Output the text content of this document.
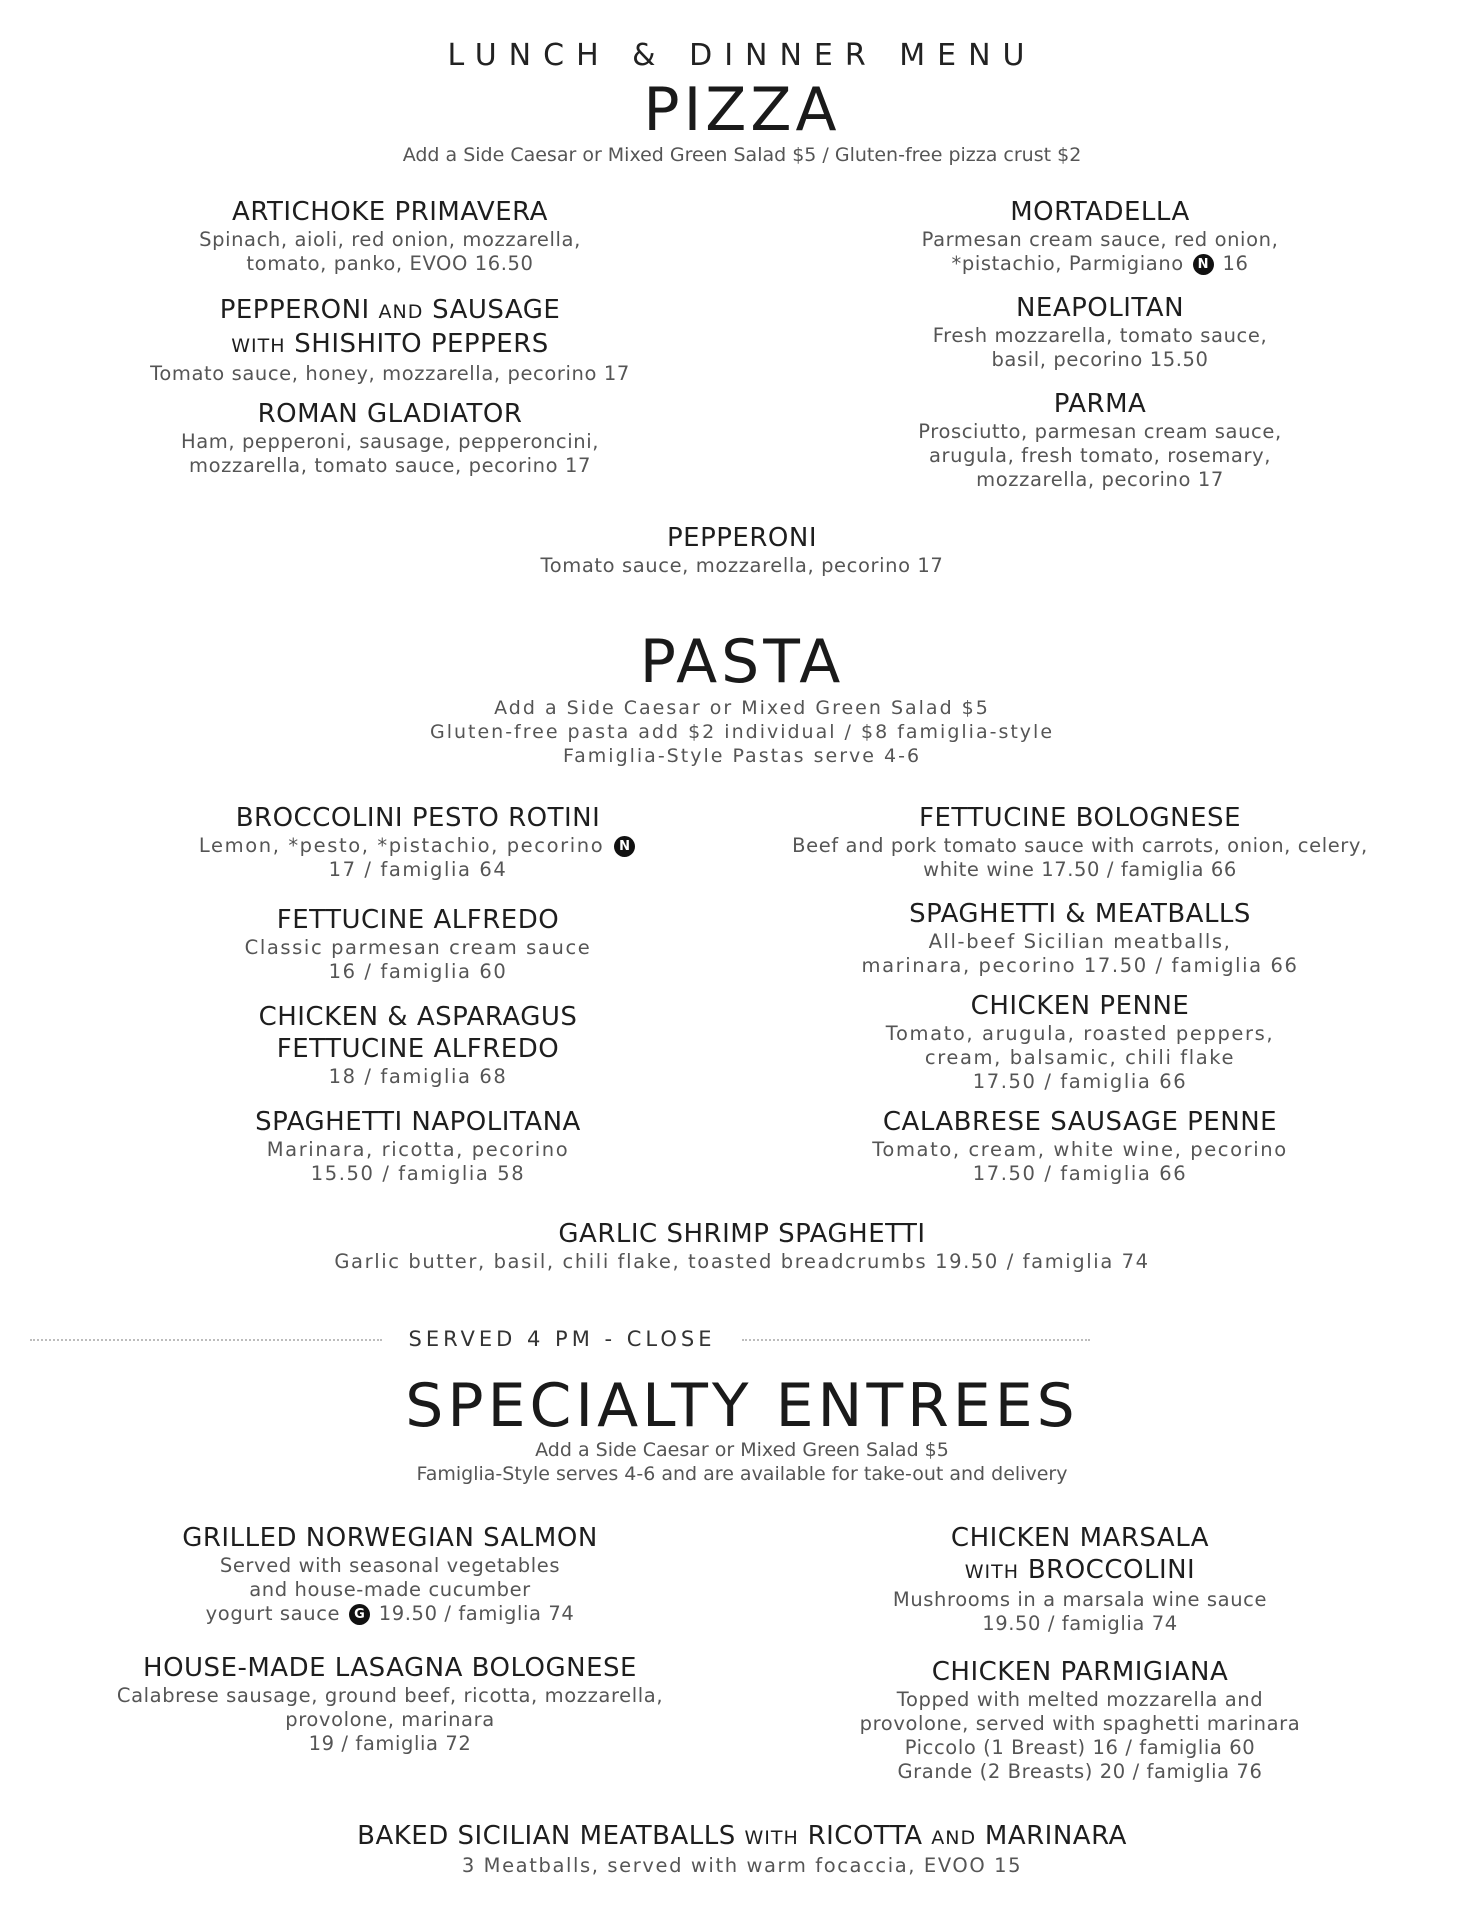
LUNCH & DINNER MENU
PIZZA
Add a Side Caesar or Mixed Green Salad $5 / Gluten-free pizza crust $2
ARTICHOKE PRIMAVERA
Spinach, aioli, red onion, mozzarella,
tomato, panko, EVOO 16.50
PEPPERONI AND SAUSAGE
WITH SHISHITO PEPPERS
Tomato sauce, honey, mozzarella, pecorino 17
ROMAN GLADIATOR
Ham, pepperoni, sausage, pepperoncini,
mozzarella, tomato sauce, pecorino 17
MORTADELLA
Parmesan cream sauce, red onion,
*pistachio, Parmigiano N 16
NEAPOLITAN
Fresh mozzarella, tomato sauce,
basil, pecorino 15.50
PARMA
Prosciutto, parmesan cream sauce,
arugula, fresh tomato, rosemary,
mozzarella, pecorino 17
PEPPERONI
Tomato sauce, mozzarella, pecorino 17
PASTA
Add a Side Caesar or Mixed Green Salad $5
Gluten-free pasta add $2 individual / $8 famiglia-style
Famiglia-Style Pastas serve 4-6
BROCCOLINI PESTO ROTINI
Lemon, *pesto, *pistachio, pecorino N
17 / famiglia 64
FETTUCINE ALFREDO
Classic parmesan cream sauce
16 / famiglia 60
CHICKEN & ASPARAGUS
FETTUCINE ALFREDO
18 / famiglia 68
SPAGHETTI NAPOLITANA
Marinara, ricotta, pecorino
15.50 / famiglia 58
FETTUCINE BOLOGNESE
Beef and pork tomato sauce with carrots, onion, celery,
white wine 17.50 / famiglia 66
SPAGHETTI & MEATBALLS
All-beef Sicilian meatballs,
marinara, pecorino 17.50 / famiglia 66
CHICKEN PENNE
Tomato, arugula, roasted peppers,
cream, balsamic, chili flake
17.50 / famiglia 66
CALABRESE SAUSAGE PENNE
Tomato, cream, white wine, pecorino
17.50 / famiglia 66
GARLIC SHRIMP SPAGHETTI
Garlic butter, basil, chili flake, toasted breadcrumbs 19.50 / famiglia 74
SERVED 4 PM - CLOSE
SPECIALTY ENTREES
Add a Side Caesar or Mixed Green Salad $5
Famiglia-Style serves 4-6 and are available for take-out and delivery
GRILLED NORWEGIAN SALMON
Served with seasonal vegetables
and house-made cucumber
yogurt sauce G 19.50 / famiglia 74
HOUSE-MADE LASAGNA BOLOGNESE
Calabrese sausage, ground beef, ricotta, mozzarella,
provolone, marinara
19 / famiglia 72
CHICKEN MARSALA
WITH BROCCOLINI
Mushrooms in a marsala wine sauce
19.50 / famiglia 74
CHICKEN PARMIGIANA
Topped with melted mozzarella and
provolone, served with spaghetti marinara
Piccolo (1 Breast) 16 / famiglia 60
Grande (2 Breasts) 20 / famiglia 76
BAKED SICILIAN MEATBALLS WITH RICOTTA AND MARINARA
3 Meatballs, served with warm focaccia, EVOO 15
